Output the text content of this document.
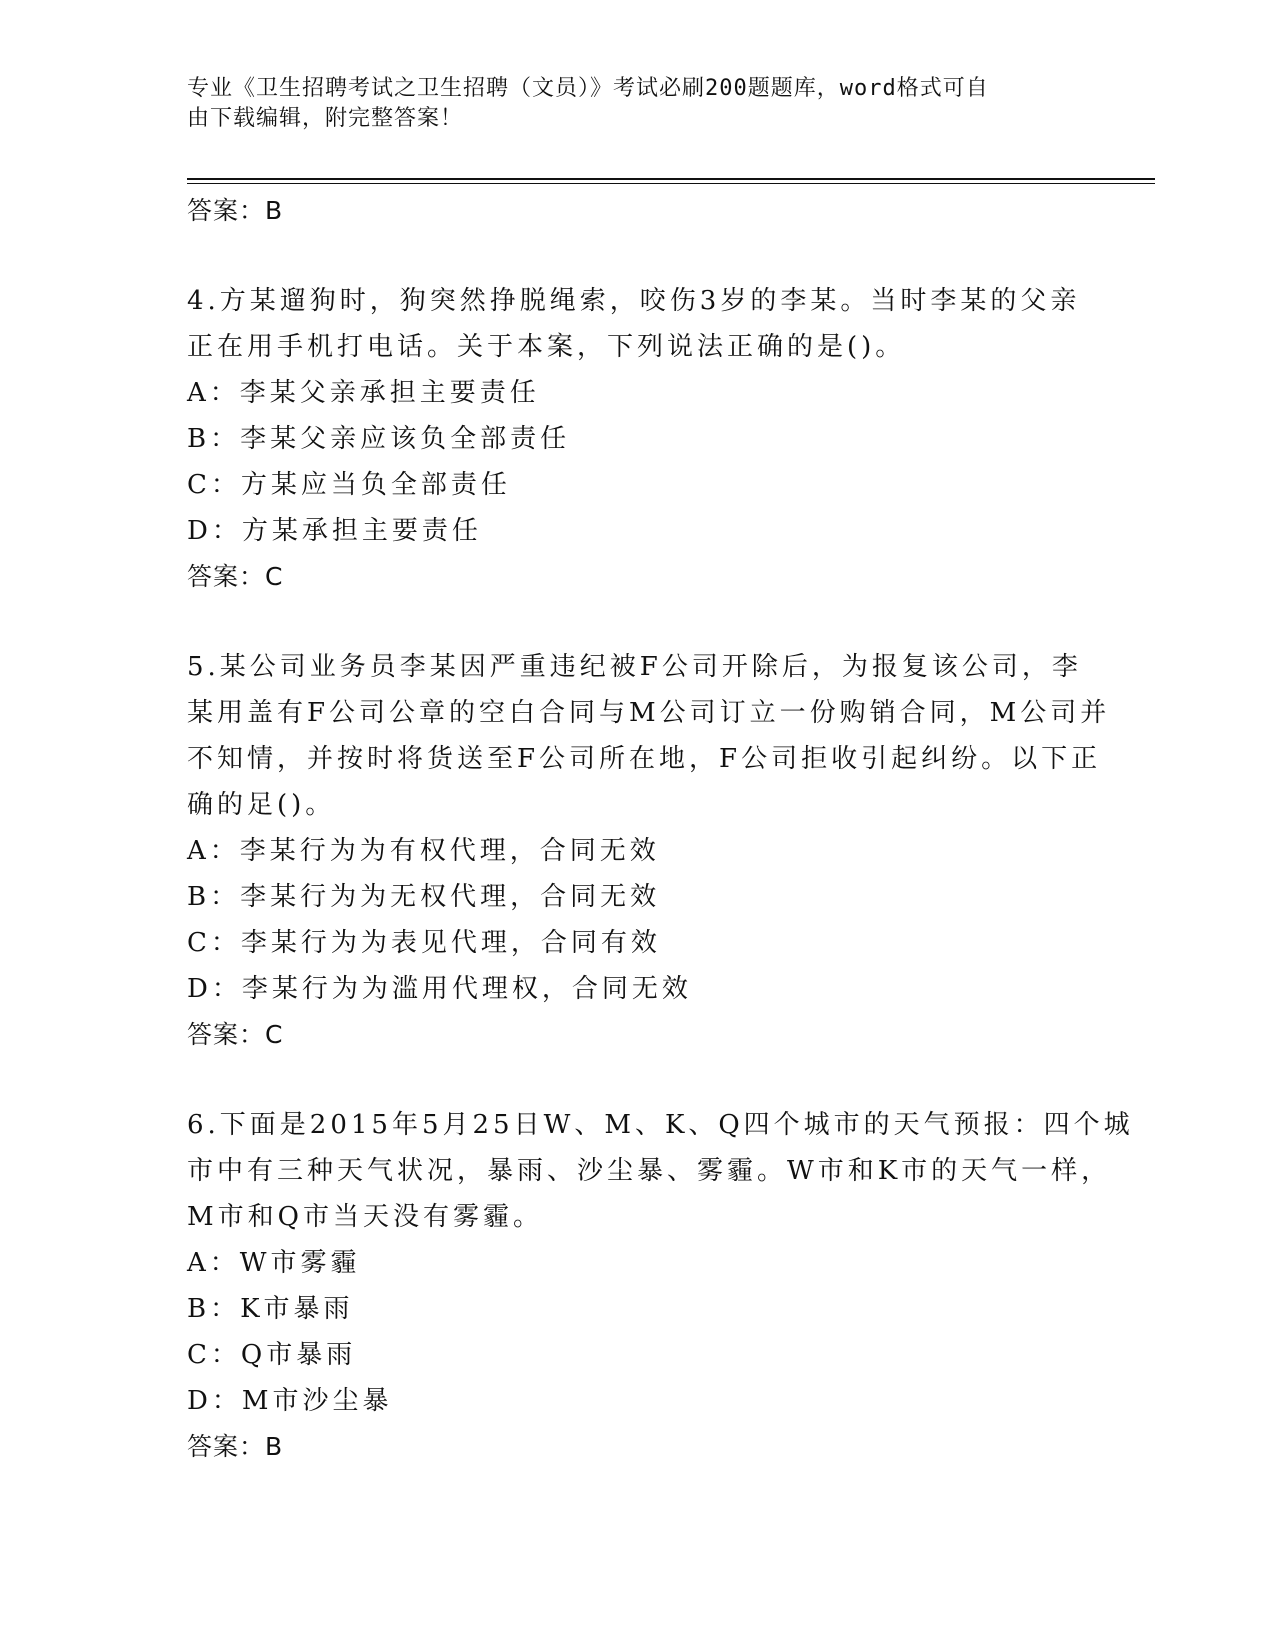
专业《卫生招聘考试之卫生招聘（文员）》考试必刷200题题库，word格式可自
由下载编辑，附完整答案！
答案：B
4.方某遛狗时，狗突然挣脱绳索，咬伤3岁的李某。当时李某的父亲
正在用手机打电话。关于本案，下列说法正确的是()。
A：李某父亲承担主要责任
B：李某父亲应该负全部责任
C：方某应当负全部责任
D：方某承担主要责任
答案：C
5.某公司业务员李某因严重违纪被F公司开除后，为报复该公司，李
某用盖有F公司公章的空白合同与M公司订立一份购销合同，M公司并
不知情，并按时将货送至F公司所在地，F公司拒收引起纠纷。以下正
确的足()。
A：李某行为为有权代理，合同无效
B：李某行为为无权代理，合同无效
C：李某行为为表见代理，合同有效
D：李某行为为滥用代理权，合同无效
答案：C
6.下面是2015年5月25日W、M、K、Q四个城市的天气预报：四个城
市中有三种天气状况，暴雨、沙尘暴、雾霾。W市和K市的天气一样，
M市和Q市当天没有雾霾。
A：W市雾霾
B：K市暴雨
C：Q市暴雨
D：M市沙尘暴
答案：B
